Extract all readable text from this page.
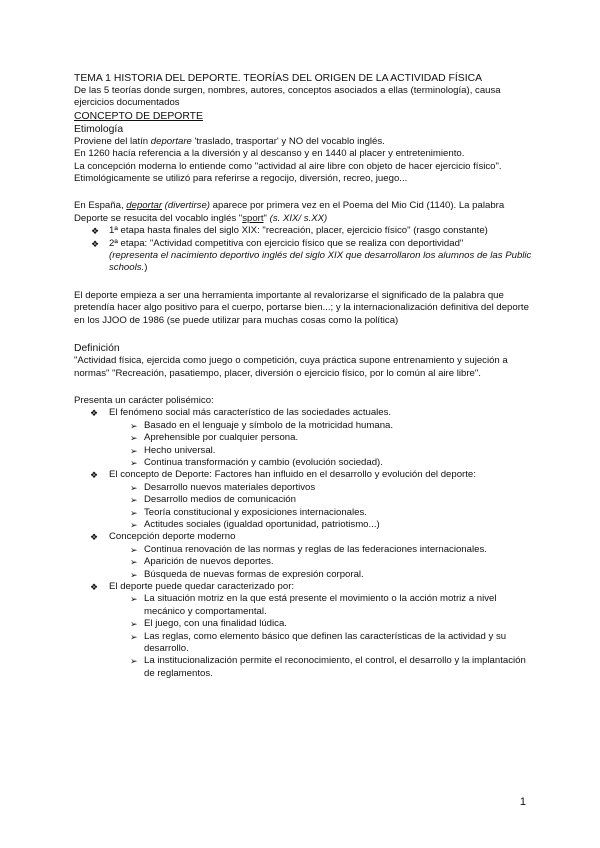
TEMA 1 HISTORIA DEL DEPORTE. TEORÍAS DEL ORIGEN DE LA ACTIVIDAD FÍSICA

De las 5 teorías donde surgen, nombres, autores, conceptos asociados a ellas (terminología), causa ejercicios documentados

CONCEPTO DE DEPORTE

Etimología

Proviene del latín deportare 'traslado, trasportar' y NO del vocablo inglés.

En 1260 hacía referencia a la diversión y al descanso y en 1440 al placer y entretenimiento.

La concepción moderna lo entiende como "actividad al aire libre con objeto de hacer ejercicio físico".

Etimológicamente se utilizó para referirse a regocijo, diversión, recreo, juego...

En España, deportar (divertirse) aparece por primera vez en el Poema del Mio Cid (1140). La palabra Deporte se resucita del vocablo inglés "sport" (s. XIX/ s.XX)

❖ 1ª etapa hasta finales del siglo XIX: "recreación, placer, ejercicio físico" (rasgo constante)
❖ 2ª etapa: "Actividad competitiva con ejercicio físico que se realiza con deportividad"
(representa el nacimiento deportivo inglés del siglo XIX que desarrollaron los alumnos de las Public schools.)

El deporte empieza a ser una herramienta importante al revalorizarse el significado de la palabra que pretendía hacer algo positivo para el cuerpo, portarse bien...; y la internacionalización definitiva del deporte en los JJOO de 1986 (se puede utilizar para muchas cosas como la política)

Definición

"Actividad física, ejercida como juego o competición, cuya práctica supone entrenamiento y sujeción a normas" "Recreación, pasatiempo, placer, diversión o ejercicio físico, por lo común al aire libre".

Presenta un carácter polisémico:

❖ El fenómeno social más característico de las sociedades actuales.
➢ Basado en el lenguaje y símbolo de la motricidad humana.
➢ Aprehensible por cualquier persona.
➢ Hecho universal.
➢ Continua transformación y cambio (evolución sociedad).
❖ El concepto de Deporte: Factores han influido en el desarrollo y evolución del deporte:
➢ Desarrollo nuevos materiales deportivos
➢ Desarrollo medios de comunicación
➢ Teoría constitucional y exposiciones internacionales.
➢ Actitudes sociales (igualdad oportunidad, patriotismo...)
❖ Concepción deporte moderno
➢ Continua renovación de las normas y reglas de las federaciones internacionales.
➢ Aparición de nuevos deportes.
➢ Búsqueda de nuevas formas de expresión corporal.
❖ El deporte puede quedar caracterizado por:
➢ La situación motriz en la que está presente el movimiento o la acción motriz a nivel mecánico y comportamental.
➢ El juego, con una finalidad lúdica.
➢ Las reglas, como elemento básico que definen las características de la actividad y su desarrollo.
➢ La institucionalización permite el reconocimiento, el control, el desarrollo y la implantación de reglamentos.
1
